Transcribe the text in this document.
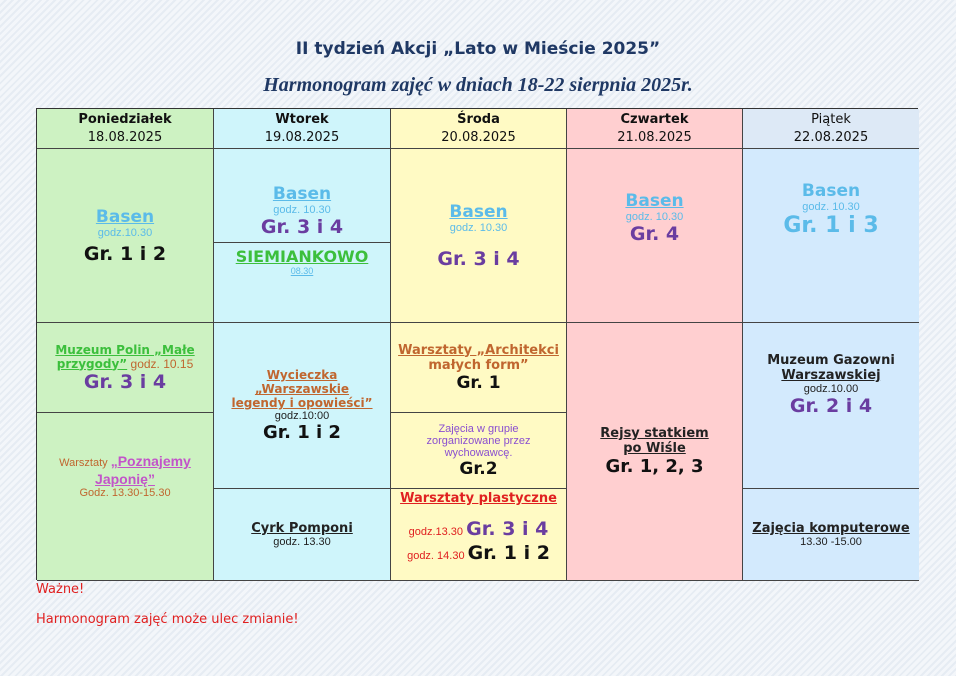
II tydzień Akcji „Lato w Mieście 2025”
Harmonogram zajęć w dniach 18-22 sierpnia 2025r.
Poniedziałek
18.08.2025
Wtorek
19.08.2025
Środa
20.08.2025
Czwartek
21.08.2025
Piątek
22.08.2025
Basen
godz.10.30
Gr. 1 i 2
Muzeum Polin „Małe
przygody” godz. 10.15
Gr. 3 i 4
Warsztaty „Poznajemy
Japonię”
Godz. 13.30-15.30
Basen
godz. 10.30
Gr. 3 i 4
SIEMIANKOWO
08.30
Wycieczka „Warszawskie
legendy i opowieści”
godz.10:00
Gr. 1 i 2
Cyrk Pomponi
godz. 13.30
Basen
godz. 10.30
Gr. 3 i 4
Warsztaty „Architekci
małych form”
Gr. 1
Zajęcia w grupie
zorganizowane przez
wychowawcę.
Gr.2
Warsztaty plastyczne
godz.13.30 Gr. 3 i 4
godz. 14.30 Gr. 1 i 2
Basen
godz. 10.30
Gr. 4
Rejsy statkiem
po Wiśle
Gr. 1, 2, 3
Basen
godz. 10.30
Gr. 1 i 3
Muzeum Gazowni
Warszawskiej
godz.10.00
Gr. 2 i 4
Zajęcia komputerowe
13.30 -15.00
Ważne!
Harmonogram zajęć może ulec zmianie!
